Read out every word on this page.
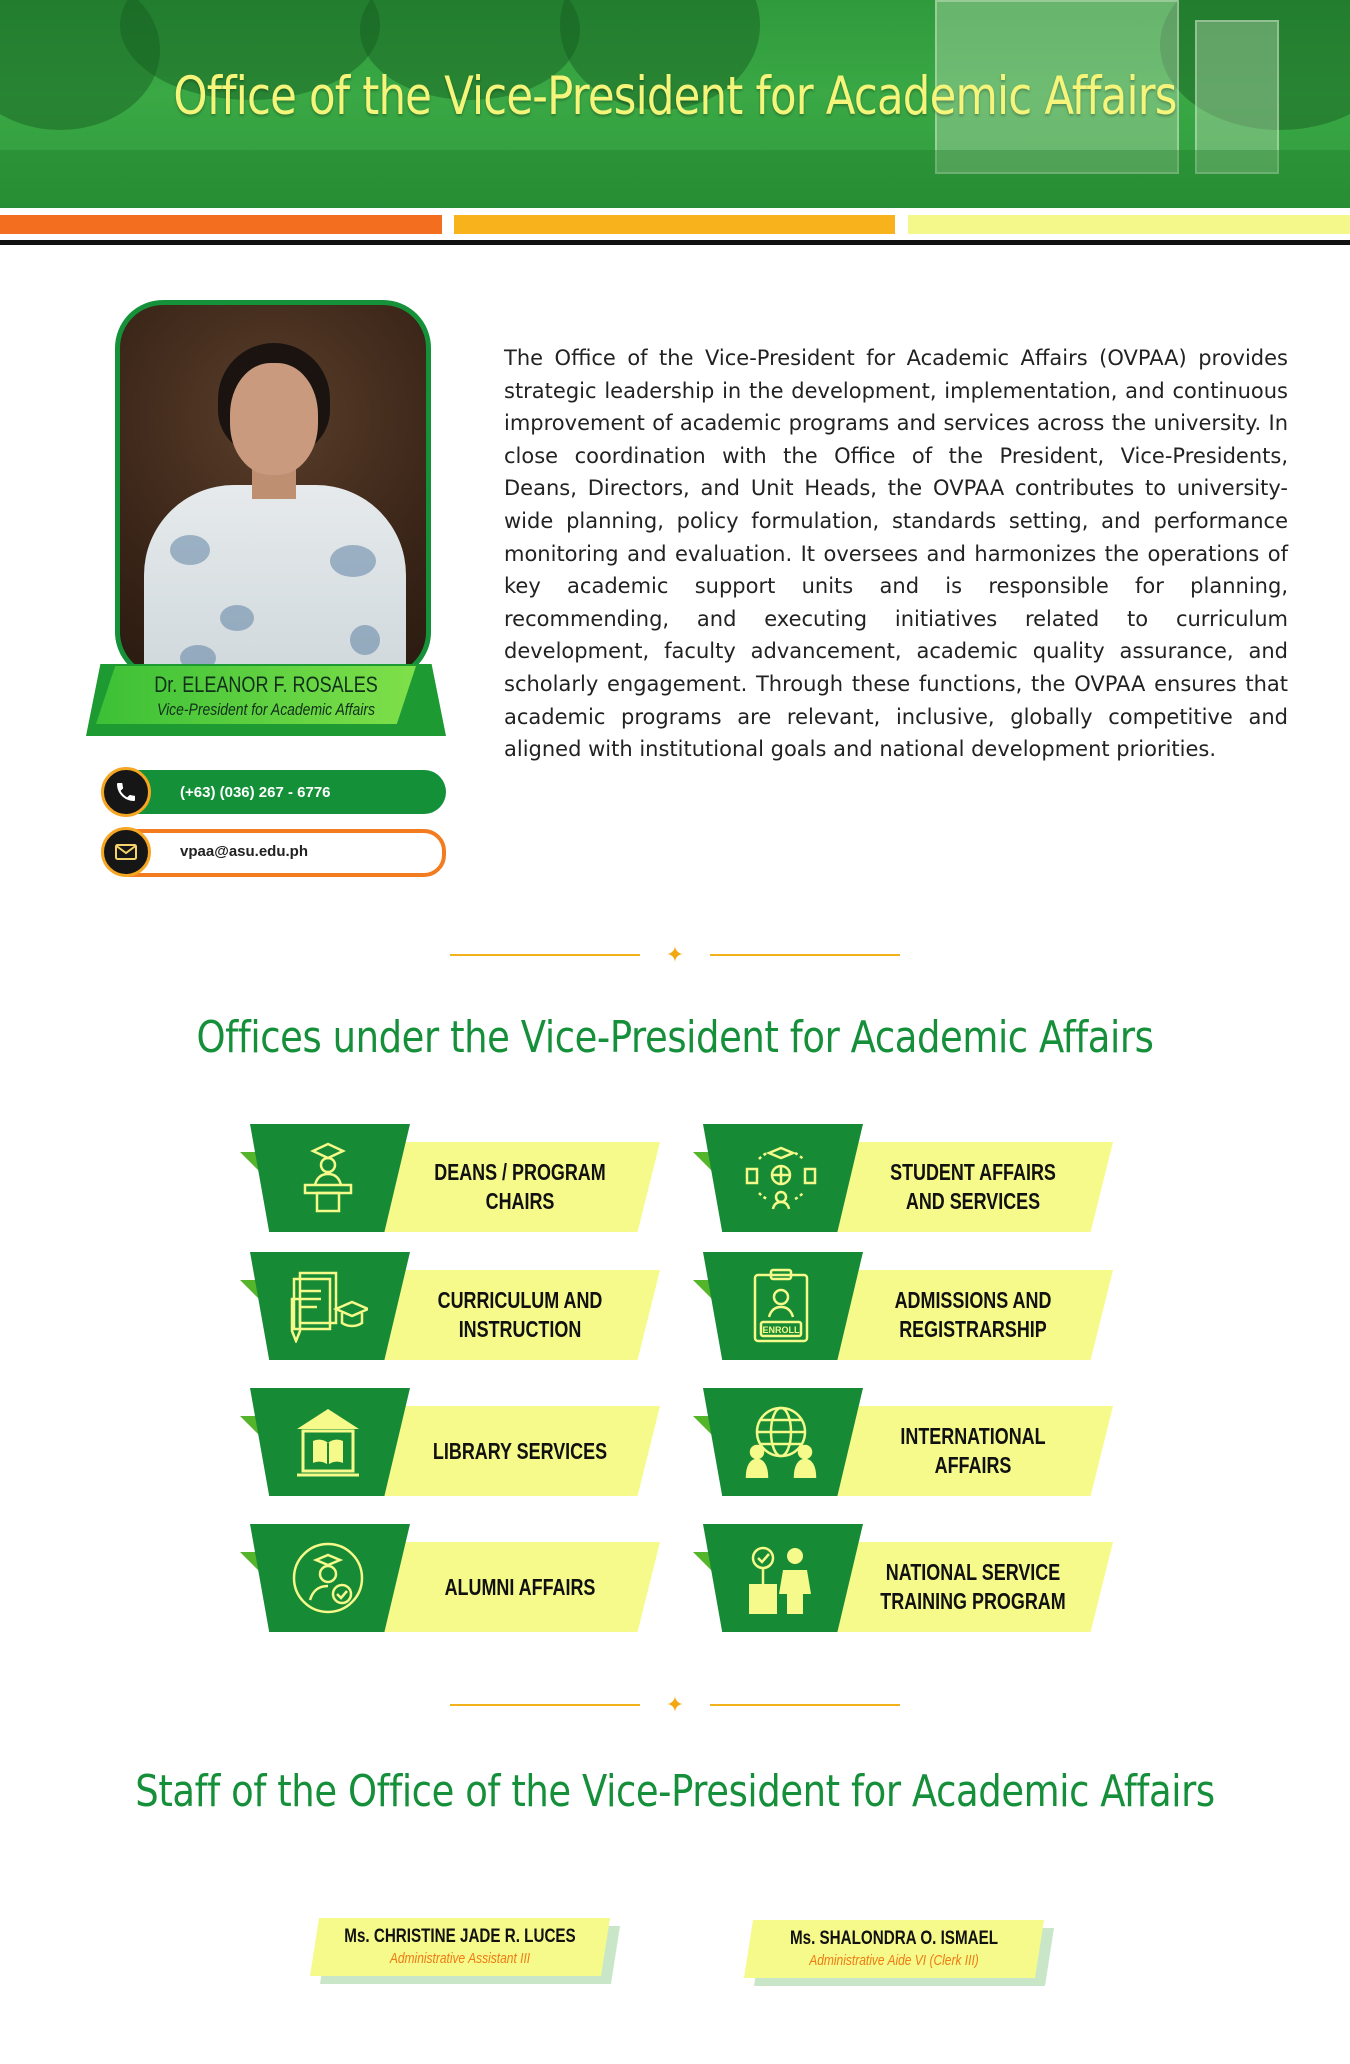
Office of the Vice-President for Academic Affairs
Dr. ELEANOR F. ROSALES
Vice-President for Academic Affairs
(+63) (036) 267 - 6776
vpaa@asu.edu.ph
The Office of the Vice-President for Academic Affairs (OVPAA) provides strategic leadership in the development, implementation, and continuous improvement of academic programs and services across the university. In close coordination with the Office of the President, Vice-Presidents, Deans, Directors, and Unit Heads, the OVPAA contributes to university-wide planning, policy formulation, standards setting, and performance monitoring and evaluation. It oversees and harmonizes the operations of key academic support units and is responsible for planning, recommending, and executing initiatives related to curriculum development, faculty advancement, academic quality assurance, and scholarly engagement. Through these functions, the OVPAA ensures that academic programs are relevant, inclusive, globally competitive and aligned with institutional goals and national development priorities.
✦
Offices under the Vice-President for Academic Affairs
DEANS / PROGRAM
CHAIRS
STUDENT AFFAIRS
AND SERVICES
CURRICULUM AND
INSTRUCTION	ENROLL
ADMISSIONS AND
REGISTRARSHIP
LIBRARY SERVICES
INTERNATIONAL AFFAIRS
ALUMNI AFFAIRS
NATIONAL SERVICE
TRAINING PROGRAM
✦
Staff of the Office of the Vice-President for Academic Affairs
Ms. CHRISTINE JADE R. LUCES
Administrative Assistant III
Ms. SHALONDRA O. ISMAEL
Administrative Aide VI (Clerk III)
